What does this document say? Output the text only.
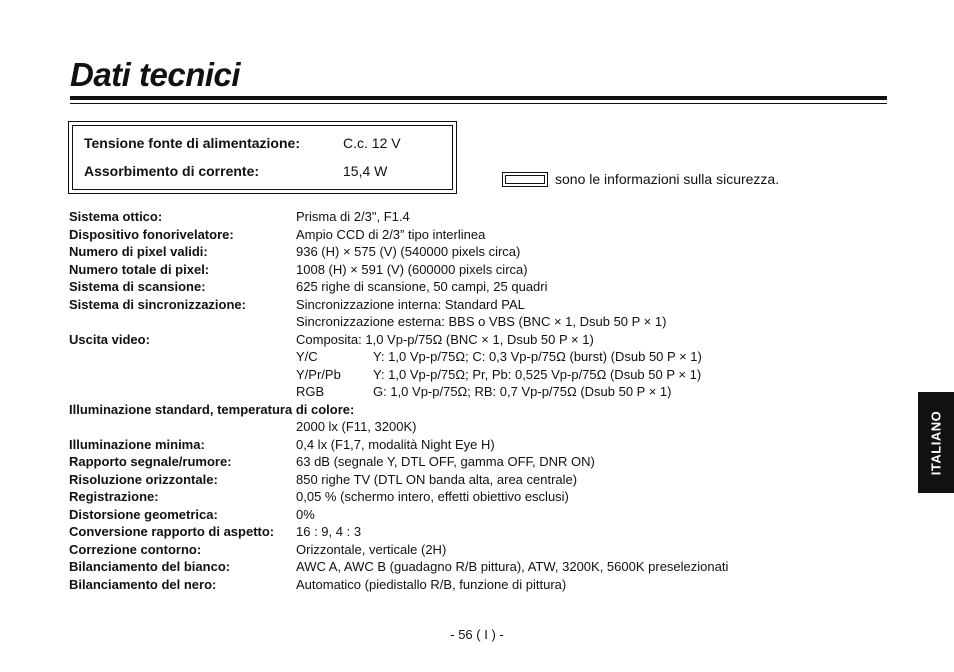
Dati tecnici
Tensione fonte di alimentazione:	C.c. 12 V
Assorbimento di corrente:	15,4 W	sono le informazioni sulla sicurezza.
Sistema ottico:	Prisma di 2/3", F1.4
Dispositivo fonorivelatore:	Ampio CCD di 2/3” tipo interlinea
Numero di pixel validi:	936 (H) × 575 (V) (540000 pixels circa)
Numero totale di pixel:	1008 (H) × 591 (V) (600000 pixels circa)
Sistema di scansione:	625 righe di scansione, 50 campi, 25 quadri
Sistema di sincronizzazione:	Sincronizzazione interna: Standard PAL
Sincronizzazione esterna: BBS o VBS (BNC × 1, Dsub 50 P × 1)
Uscita video:	Composita: 1,0 Vp-p/75Ω (BNC × 1, Dsub 50 P × 1)
Y/C	Y: 1,0 Vp-p/75Ω; C: 0,3 Vp-p/75Ω (burst) (Dsub 50 P × 1)
Y/Pr/Pb Y: 1,0 Vp-p/75Ω; Pr, Pb: 0,525 Vp-p/75Ω (Dsub 50 P × 1)
RGB	G: 1,0 Vp-p/75Ω; RB: 0,7 Vp-p/75Ω (Dsub 50 P × 1)
Illuminazione standard, temperatura di colore:
2000 lx (F11, 3200K)
Illuminazione minima:	0,4 lx (F1,7, modalità Night Eye H)
Rapporto segnale/rumore:	63 dB (segnale Y, DTL OFF, gamma OFF, DNR ON)
Risoluzione orizzontale:	850 righe TV (DTL ON banda alta, area centrale)
Registrazione:	0,05 % (schermo intero, effetti obiettivo esclusi)
Distorsione geometrica:	0%
Conversione rapporto di aspetto: 16 : 9, 4 : 3
Correzione contorno:	Orizzontale, verticale (2H)
Bilanciamento del bianco:	AWC A, AWC B (guadagno R/B pittura), ATW, 3200K, 5600K preselezionati
Bilanciamento del nero:	Automatico (piedistallo R/B, funzione di pittura)
ITALIANO
- 56 ( I ) -
